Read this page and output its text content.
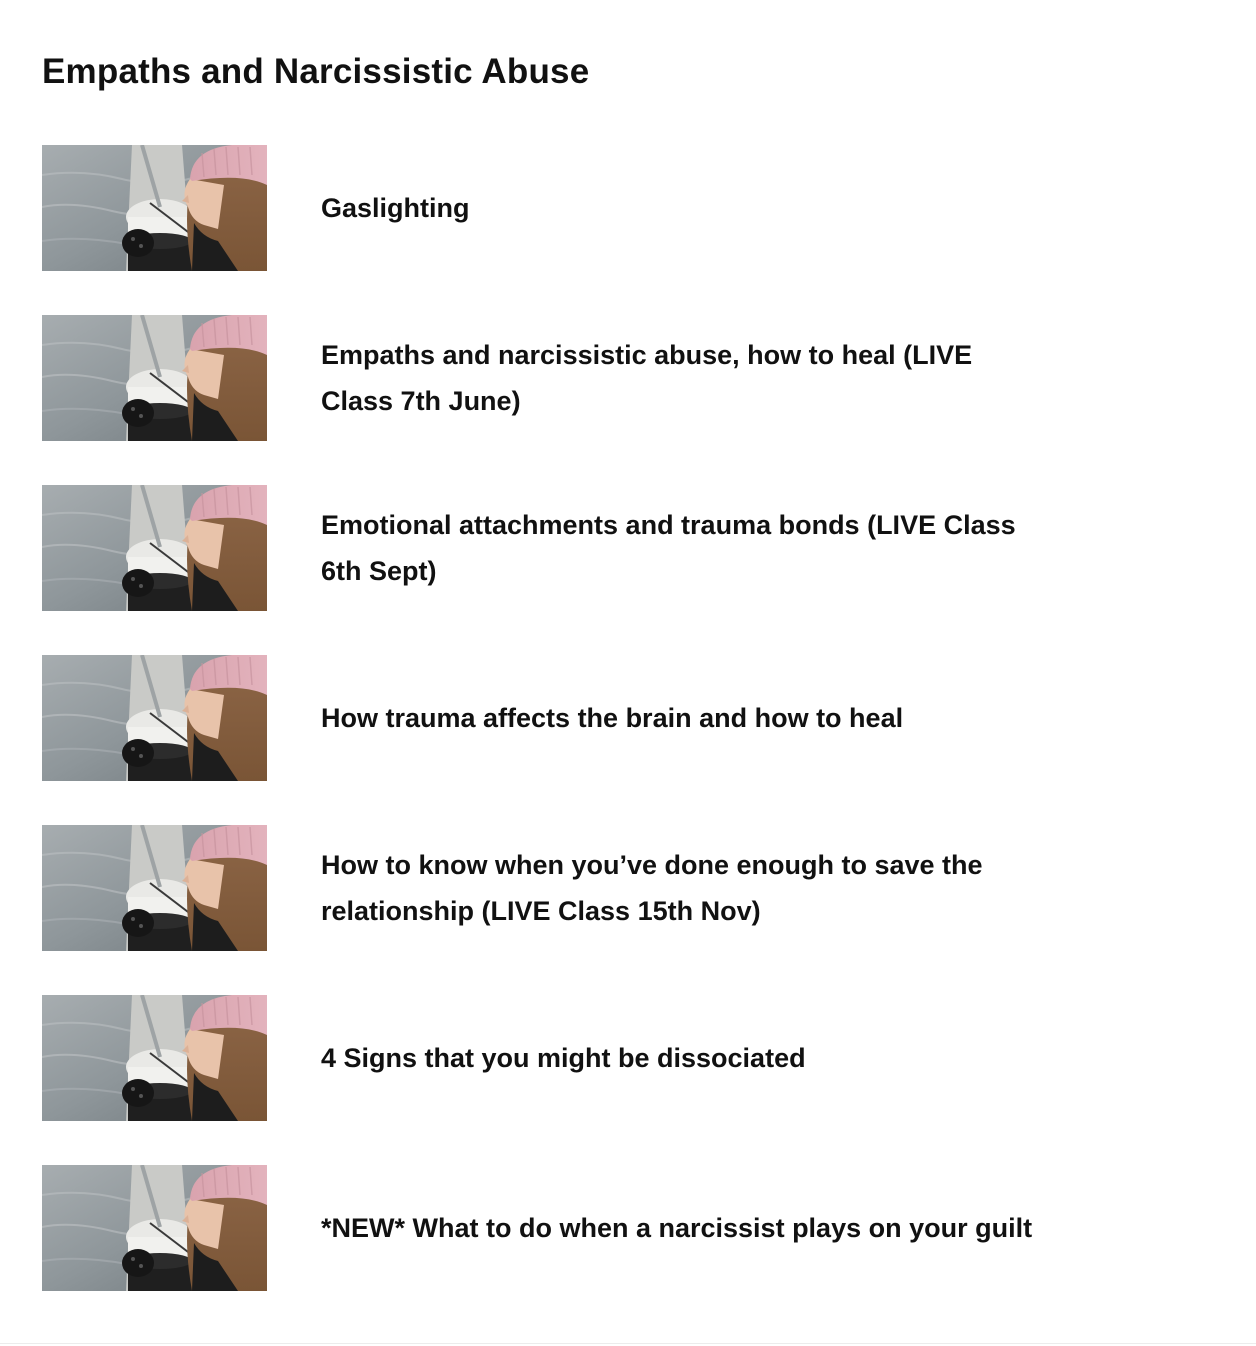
Empaths and Narcissistic Abuse
Gaslighting
Empaths and narcissistic abuse, how to heal (LIVE Class 7th June)
Emotional attachments and trauma bonds (LIVE Class 6th Sept)
How trauma affects the brain and how to heal
How to know when you’ve done enough to save the relationship (LIVE Class 15th Nov)
4 Signs that you might be dissociated
*NEW* What to do when a narcissist plays on your guilt
